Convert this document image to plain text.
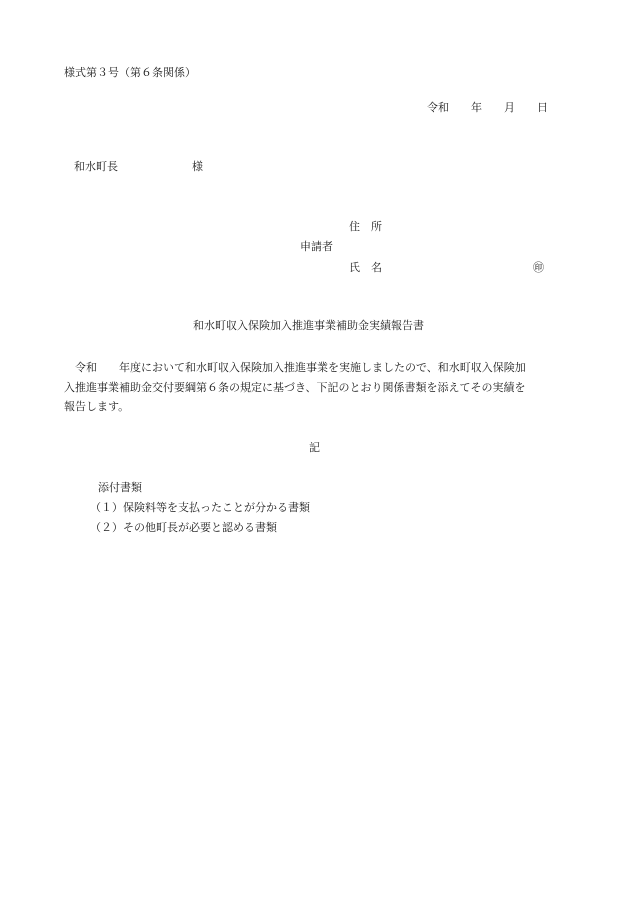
様式第３号（第６条関係）
令和 年 月 日
和水町長	様
住　所
申請者
氏　名	㊞
和水町収入保険加入推進事業補助金実績報告書
　令和　　年度において和水町収入保険加入推進事業を実施しましたので、和水町収入保険加
入推進事業補助金交付要綱第６条の規定に基づき、下記のとおり関係書類を添えてその実績を
報告します。
記
添付書類
（１）保険料等を支払ったことが分かる書類
（２）その他町長が必要と認める書類
